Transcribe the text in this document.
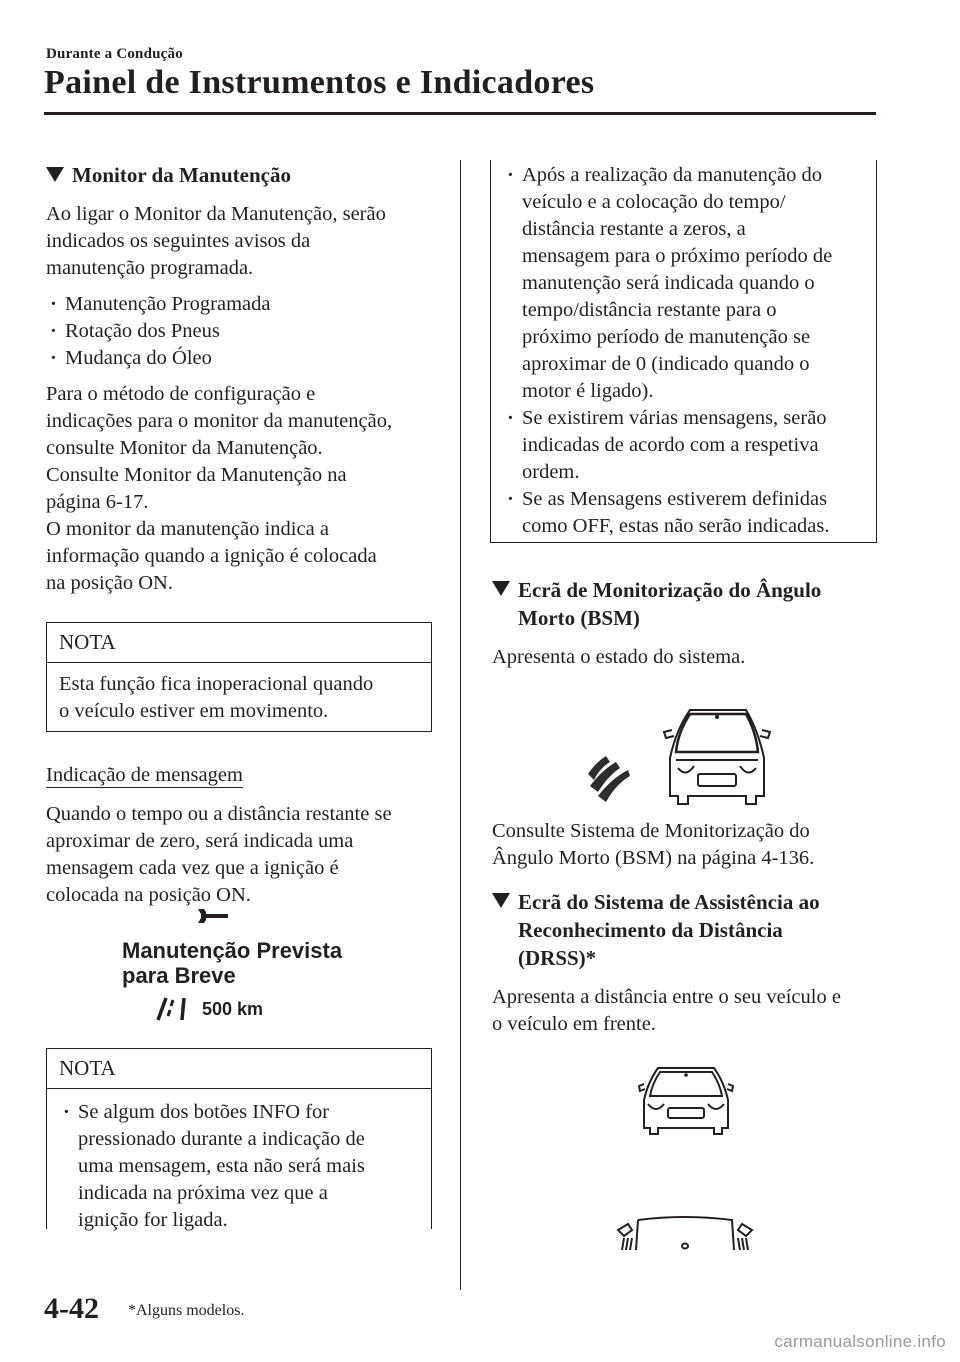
Durante a Condução
Painel de Instrumentos e Indicadores
Monitor da Manutenção

Ao ligar o Monitor da Manutenção, serão

indicados os seguintes avisos da

manutenção programada.

· Manutenção Programada

· Rotação dos Pneus

· Mudança do Óleo

Para o método de configuração e

indicações para o monitor da manutenção,

consulte Monitor da Manutenção.

Consulte Monitor da Manutenção na

página 6-17.

O monitor da manutenção indica a

informação quando a ignição é colocada

na posição ON.

NOTA

Esta função fica inoperacional quando

o veículo estiver em movimento.

Indicação de mensagem

Quando o tempo ou a distância restante se

aproximar de zero, será indicada uma

mensagem cada vez que a ignição é

colocada na posição ON.

Manutenção Prevista
para Breve
500 km
NOTA

· Se algum dos botões INFO for

pressionado durante a indicação de

uma mensagem, esta não será mais

indicada na próxima vez que a

ignição for ligada.

· Após a realização da manutenção do

veículo e a colocação do tempo/

distância restante a zeros, a

mensagem para o próximo período de

manutenção será indicada quando o

tempo/distância restante para o

próximo período de manutenção se

aproximar de 0 (indicado quando o

motor é ligado).

· Se existirem várias mensagens, serão

indicadas de acordo com a respetiva

ordem.

· Se as Mensagens estiverem definidas

como OFF, estas não serão indicadas.

Ecrã de Monitorização do Ângulo
Morto (BSM)

Apresenta o estado do sistema.

Consulte Sistema de Monitorização do

Ângulo Morto (BSM) na página 4-136.

Ecrã do Sistema de Assistência ao
Reconhecimento da Distância
(DRSS)*

Apresenta a distância entre o seu veículo e

o veículo em frente.

4-42 *Alguns modelos.
carmanualsonline.info
